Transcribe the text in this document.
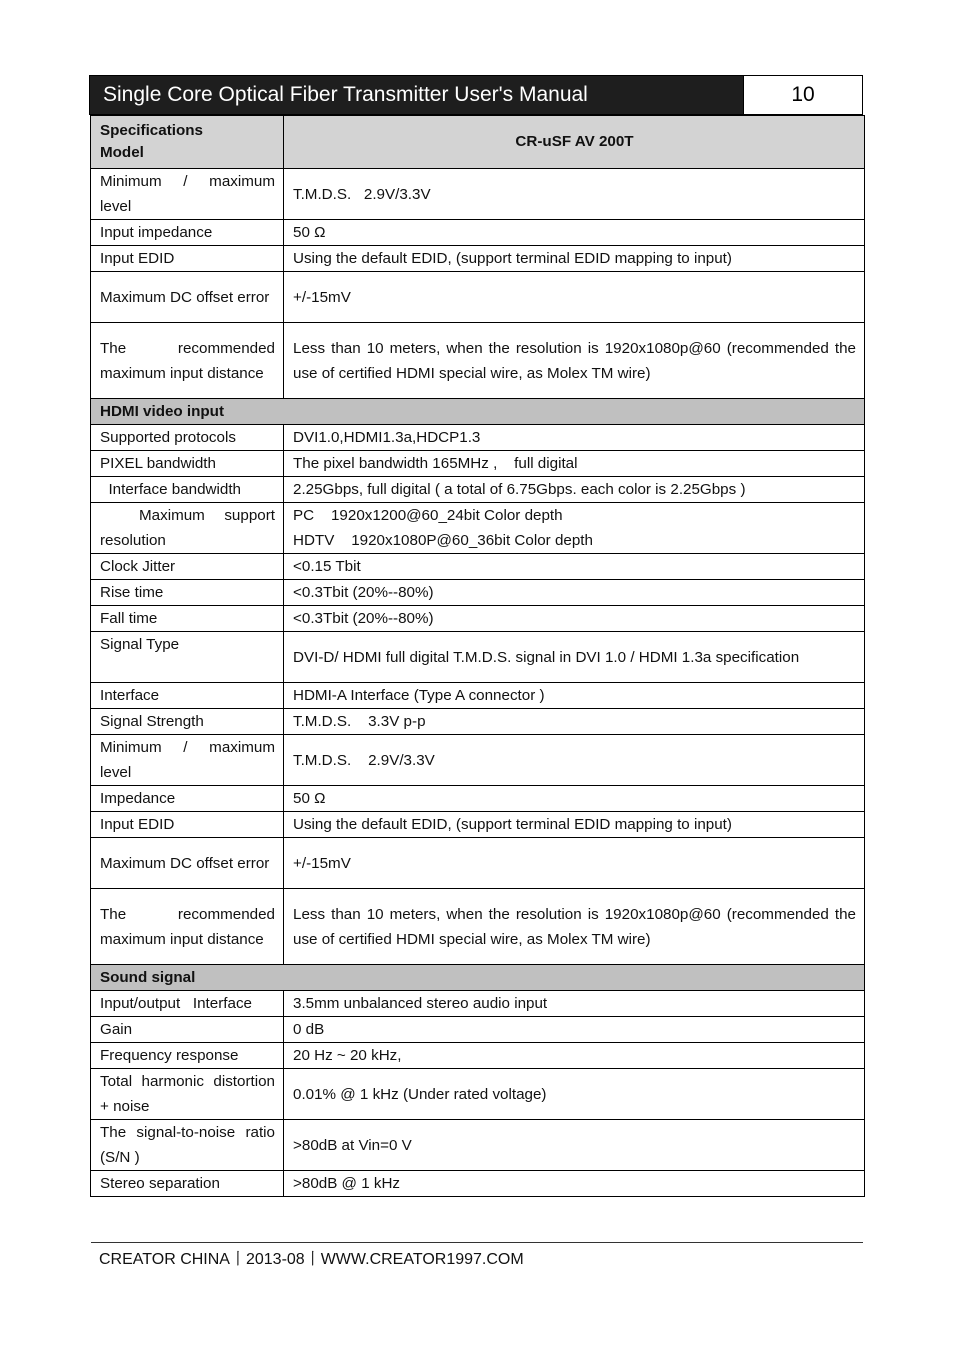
Single Core Optical Fiber Transmitter User's Manual	10
Specifications
Model	CR-uSF AV 200T
Minimum / maximum level	T.M.D.S.   2.9V/3.3V
Input impedance	50 Ω
Input EDID	Using the default EDID, (support terminal EDID mapping to input)
Maximum DC offset error	+/-15mV
The recommended maximum input distance	Less than 10 meters, when the resolution is 1920x1080p@60 (recommended the use of certified HDMI special wire, as Molex TM wire)
HDMI video input	
Supported protocols	DVI1.0,HDMI1.3a,HDCP1.3
PIXEL bandwidth	The pixel bandwidth 165MHz ,    full digital
Interface bandwidth	2.25Gbps, full digital ( a total of 6.75Gbps. each color is 2.25Gbps )
Maximum support resolution	PC    1920x1200@60_24bit Color depth
HDTV    1920x1080P@60_36bit Color depth

Clock Jitter	<0.15 Tbit
Rise time	<0.3Tbit (20%--80%)
Fall time	<0.3Tbit (20%--80%)
Signal Type	DVI-D/ HDMI full digital T.M.D.S. signal in DVI 1.0 / HDMI 1.3a specification
Interface	HDMI-A Interface (Type A connector )
Signal Strength	T.M.D.S.    3.3V p-p
Minimum / maximum level	T.M.D.S.    2.9V/3.3V
Impedance	50 Ω
Input EDID	Using the default EDID, (support terminal EDID mapping to input)
Maximum DC offset error	+/-15mV
The recommended maximum input distance	Less than 10 meters, when the resolution is 1920x1080p@60 (recommended the use of certified HDMI special wire, as Molex TM wire)
Sound signal	
Input/output   Interface	3.5mm unbalanced stereo audio input
Gain	0 dB
Frequency response	20 Hz ~ 20 kHz,
Total harmonic distortion + noise	0.01% @ 1 kHz (Under rated voltage)
The signal-to-noise ratio (S/N )	>80dB at Vin=0 V
Stereo separation	>80dB @ 1 kHz
CREATOR CHINA丨2013-08丨WWW.CREATOR1997.COM
